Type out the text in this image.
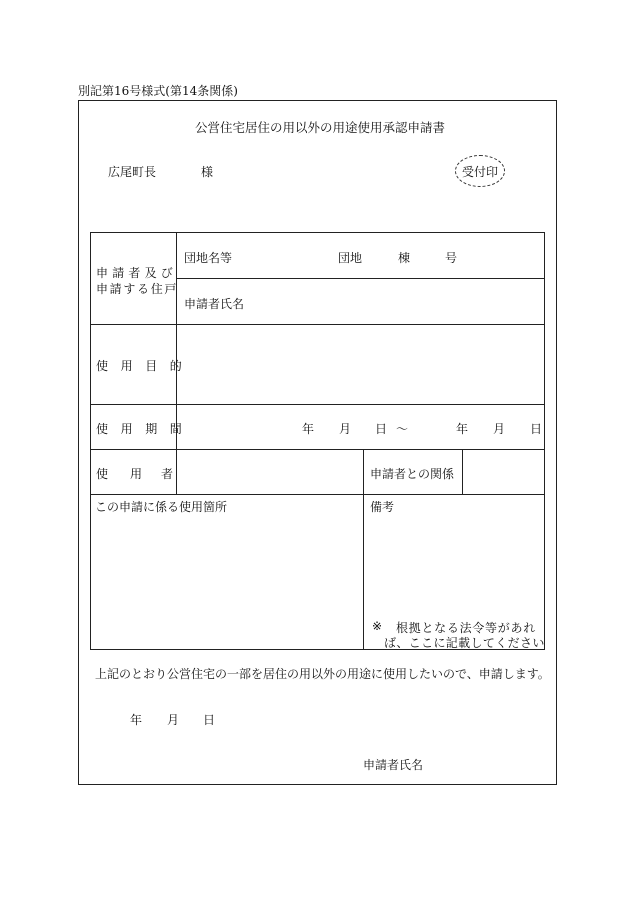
別記第16号様式(第14条関係)
公営住宅居住の用以外の用途使用承認申請書
広尾町長	様	受付印
申請者及び
申請する住戸
団地名等	団地	棟	号
申請者氏名
使用目的
使用期間	年 月 日 〜	年 月 日
使 用 者	申請者との関係
この申請に係る使用箇所	備考
※ 根拠となる法令等があれ
ば、ここに記載してください
上記のとおり公営住宅の一部を居住の用以外の用途に使用したいので、申請します。
年 月 日
申請者氏名
